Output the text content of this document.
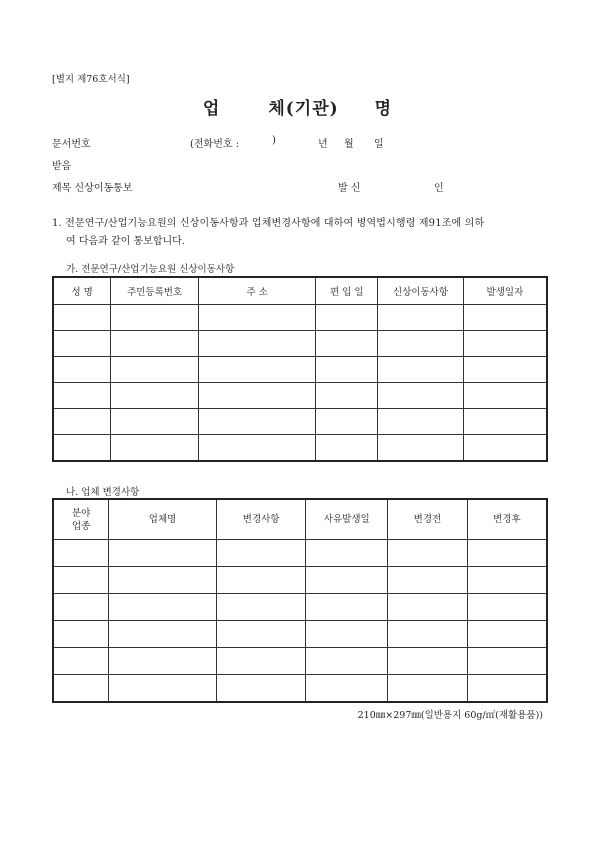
[별지 제76호서식]
업	체(기관) 명
문서번호	(전화번호 :	)	년 월 일
받음
제목 신상이동통보	발 신	인
1. 전문연구/산업기능요원의 신상이동사항과 업체변경사항에 대하여 병역법시행령 제91조에 의하
여 다음과 같이 통보합니다.
가. 전문연구/산업기능요원 신상이동사항
성 명	주민등록번호	주 소	편 입 일	신상이동사항	발생일자

나. 업체 변경사항
분야
업종	업체명	변경사항	사유발생일	변경전	변경후

210㎜×297㎜(일반용지 60g/㎡(재활용품))
